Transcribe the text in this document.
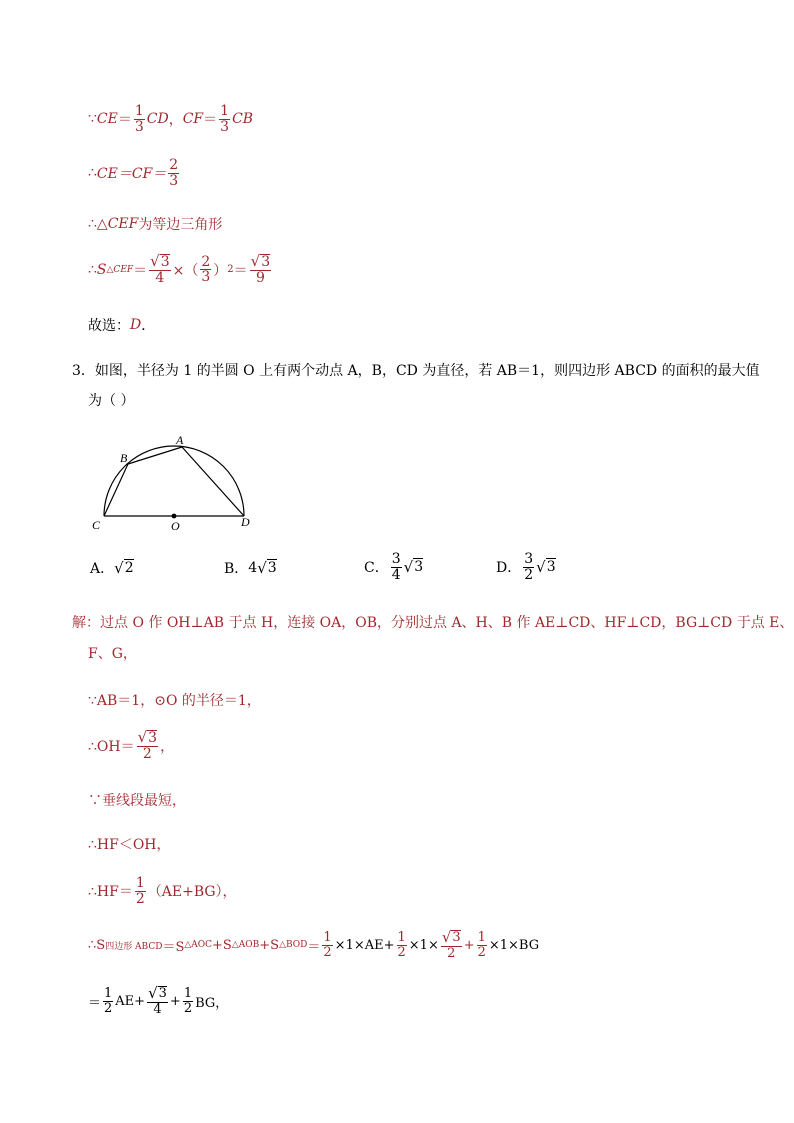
∵ CE ＝ $\frac{1}{3}$ CD ， CF ＝ $\frac{1}{3}$ CB
∴ $CE=CF= \frac{2}{3}$
∴△ CEF 为等边三角形
∴ S △CEF ＝ $\frac{√ 3}{4}$ ×（ $\frac{2}{3}$ ） $2 = \frac{√ 3}{9}$
故选： D ．
3．如图，半径为 1 的半圆 O 上有两个动点 A，B，CD 为直径，若 AB＝1，则四边形 ABCD 的面积的最大值
为（ ）
A
B
C	D
O
A． √ 2	B． 4 √ 3	C． $\frac{3}{4}$ √ 3	D． $\frac{3}{2}$ √ 3
解：过点 O 作 OH⊥AB 于点 H，连接 OA，OB，分别过点 A、H、B 作 AE⊥CD、HF⊥CD，BG⊥CD 于点 E、
F、G，
∵AB＝1，⊙O 的半径＝1，
∴OH＝ $\frac{√ 3}{2}$ ，
∵垂线段最短，
∴HF＜OH，
∴HF＝ $\frac{1}{2} (AE+BG)$，
∴S 四边形 ABCD ＝S △AOC +S △AOB +S △BOD ＝ $\frac{1}{2} \times 1\times AE+ \frac{1}{2} \times 1\times \frac{√ 3}{2} + \frac{1}{2} \times 1\times BG$
＝ $\frac{1}{2} AE+ \frac{√ 3}{4} + \frac{1}{2}$ BG，
